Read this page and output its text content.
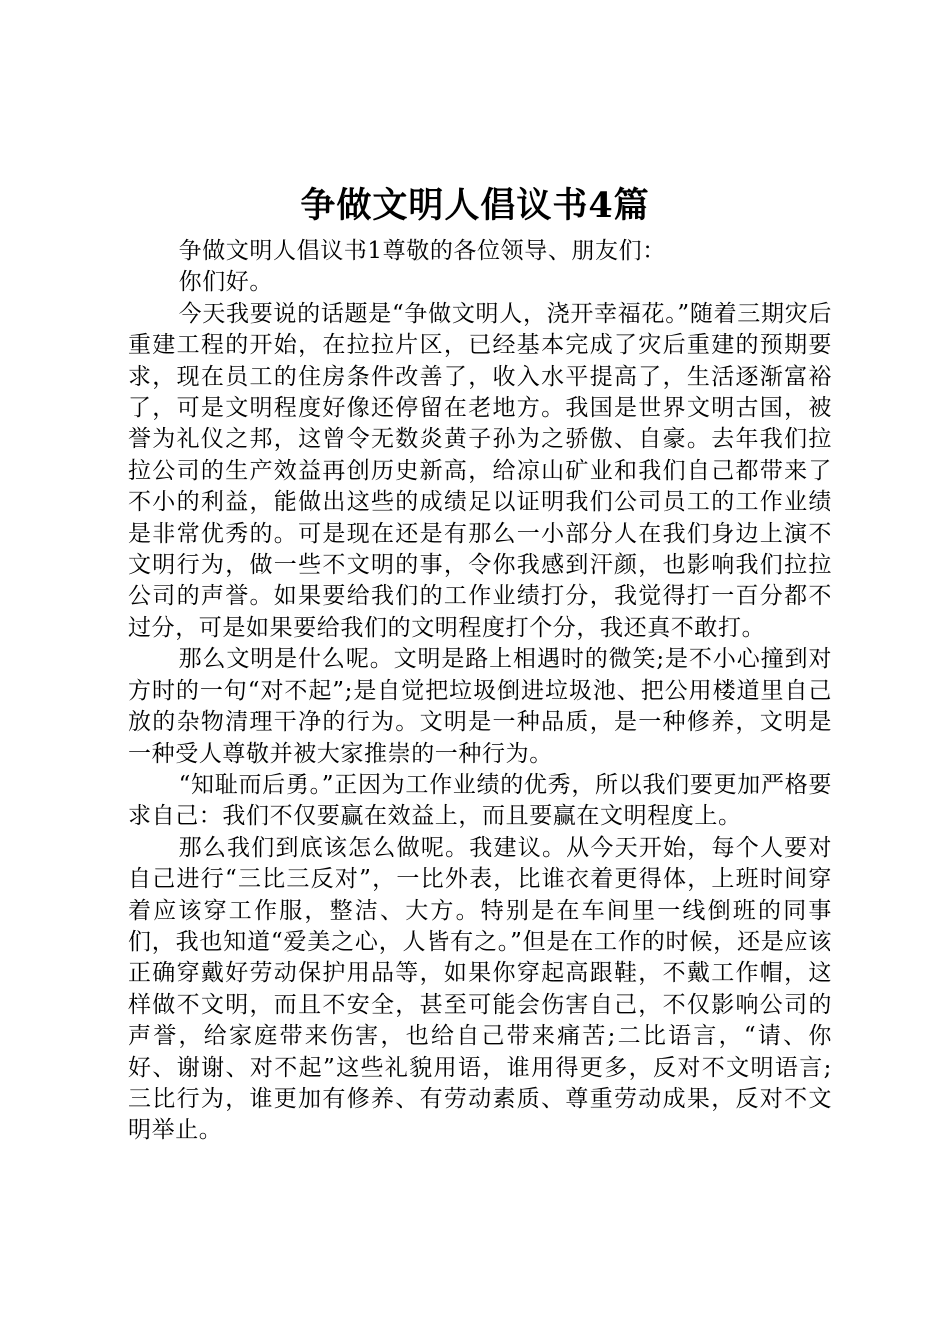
争做文明人倡议书4篇

争做文明人倡议书1尊敬的各位领导、朋友们：

你们好。

今天我要说的话题是“争做文明人，浇开幸福花。”随着三期灾后重建工程的开始，在拉拉片区，已经基本完成了灾后重建的预期要求，现在员工的住房条件改善了，收入水平提高了，生活逐渐富裕了，可是文明程度好像还停留在老地方。我国是世界文明古国，被誉为礼仪之邦，这曾令无数炎黄子孙为之骄傲、自豪。去年我们拉拉公司的生产效益再创历史新高，给凉山矿业和我们自己都带来了不小的利益，能做出这些的成绩足以证明我们公司员工的工作业绩是非常优秀的。可是现在还是有那么一小部分人在我们身边上演不文明行为，做一些不文明的事，令你我感到汗颜，也影响我们拉拉公司的声誉。如果要给我们的工作业绩打分，我觉得打一百分都不过分，可是如果要给我们的文明程度打个分，我还真不敢打。

那么文明是什么呢。文明是路上相遇时的微笑;是不小心撞到对方时的一句“对不起”;是自觉把垃圾倒进垃圾池、把公用楼道里自己放的杂物清理干净的行为。文明是一种品质，是一种修养，文明是一种受人尊敬并被大家推崇的一种行为。

“知耻而后勇。”正因为工作业绩的优秀，所以我们要更加严格要求自己：我们不仅要赢在效益上，而且要赢在文明程度上。

那么我们到底该怎么做呢。我建议。从今天开始，每个人要对自己进行“三比三反对”，一比外表，比谁衣着更得体，上班时间穿着应该穿工作服，整洁、大方。特别是在车间里一线倒班的同事们，我也知道“爱美之心，人皆有之。”但是在工作的时候，还是应该正确穿戴好劳动保护用品等，如果你穿起高跟鞋，不戴工作帽，这样做不文明，而且不安全，甚至可能会伤害自己，不仅影响公司的声誉，给家庭带来伤害，也给自己带来痛苦;二比语言，“请、你好、谢谢、对不起”这些礼貌用语，谁用得更多，反对不文明语言;三比行为，谁更加有修养、有劳动素质、尊重劳动成果，反对不文明举止。
